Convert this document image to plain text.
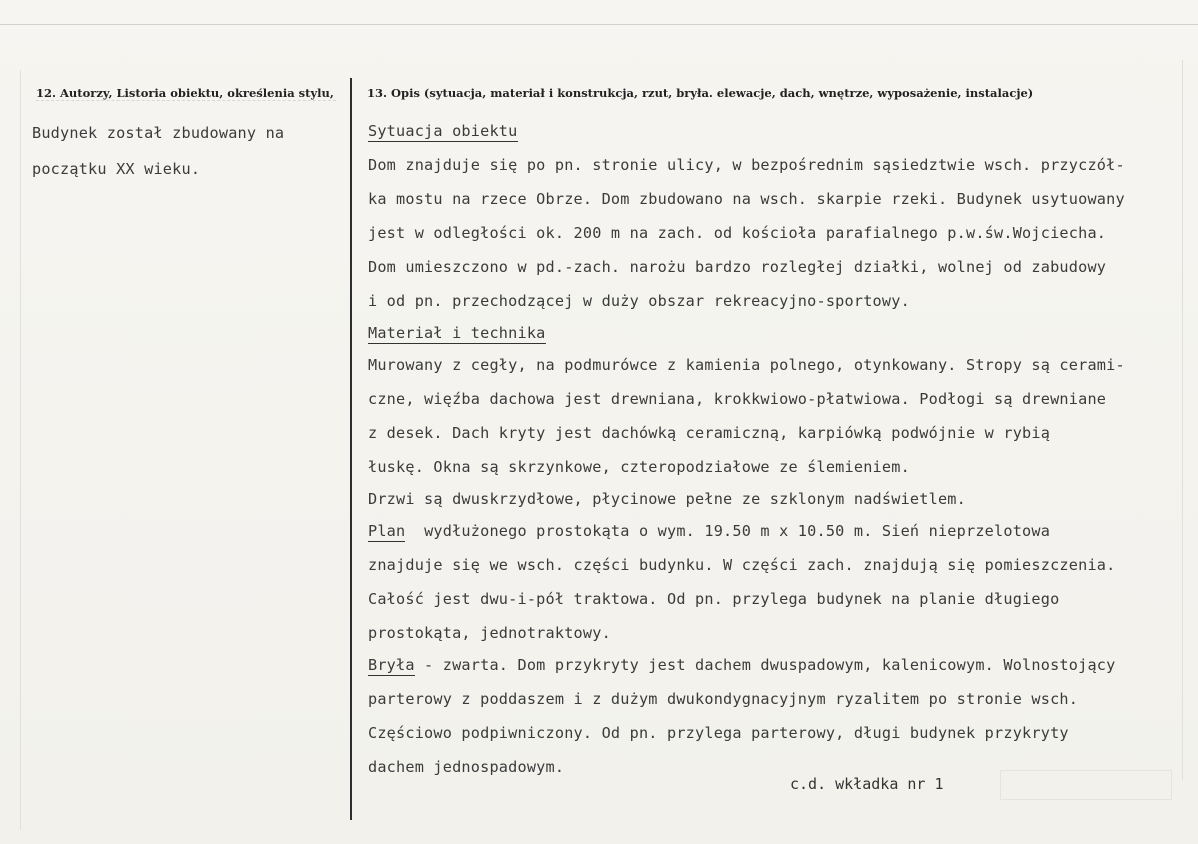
12. Autorzy, Listoria obiektu, określenia stylu,	13. Opis (sytuacja, materiał i konstrukcja, rzut, bryła. elewacje, dach, wnętrze, wyposażenie, instalacje)
Budynek został zbudowany na
początku XX wieku.
Sytuacja obiektu
Dom znajduje się po pn. stronie ulicy, w bezpośrednim sąsiedztwie wsch. przyczół-
ka mostu na rzece Obrze. Dom zbudowano na wsch. skarpie rzeki. Budynek usytuowany
jest w odległości ok. 200 m na zach. od kościoła parafialnego p.w.św.Wojciecha.
Dom umieszczono w pd.-zach. narożu bardzo rozległej działki, wolnej od zabudowy
i od pn. przechodzącej w duży obszar rekreacyjno-sportowy.
Materiał i technika
Murowany z cegły, na podmurówce z kamienia polnego, otynkowany. Stropy są cerami-
czne, więźba dachowa jest drewniana, krokkwiowo-płatwiowa. Podłogi są drewniane
z desek. Dach kryty jest dachówką ceramiczną, karpiówką podwójnie w rybią
łuskę. Okna są skrzynkowe, czteropodziałowe ze ślemieniem.
Drzwi są dwuskrzydłowe, płycinowe pełne ze szklonym nadświetlem.
Plan wydłużonego prostokąta o wym. 19.50 m x 10.50 m. Sień nieprzelotowa
znajduje się we wsch. części budynku. W części zach. znajdują się pomieszczenia.
Całość jest dwu-i-pół traktowa. Od pn. przylega budynek na planie długiego
prostokąta, jednotraktowy.
Bryła - zwarta. Dom przykryty jest dachem dwuspadowym, kalenicowym. Wolnostojący
parterowy z poddaszem i z dużym dwukondygnacyjnym ryzalitem po stronie wsch.
Częściowo podpiwniczony. Od pn. przylega parterowy, długi budynek przykryty
dachem jednospadowym.
c.d. wkładka nr 1
